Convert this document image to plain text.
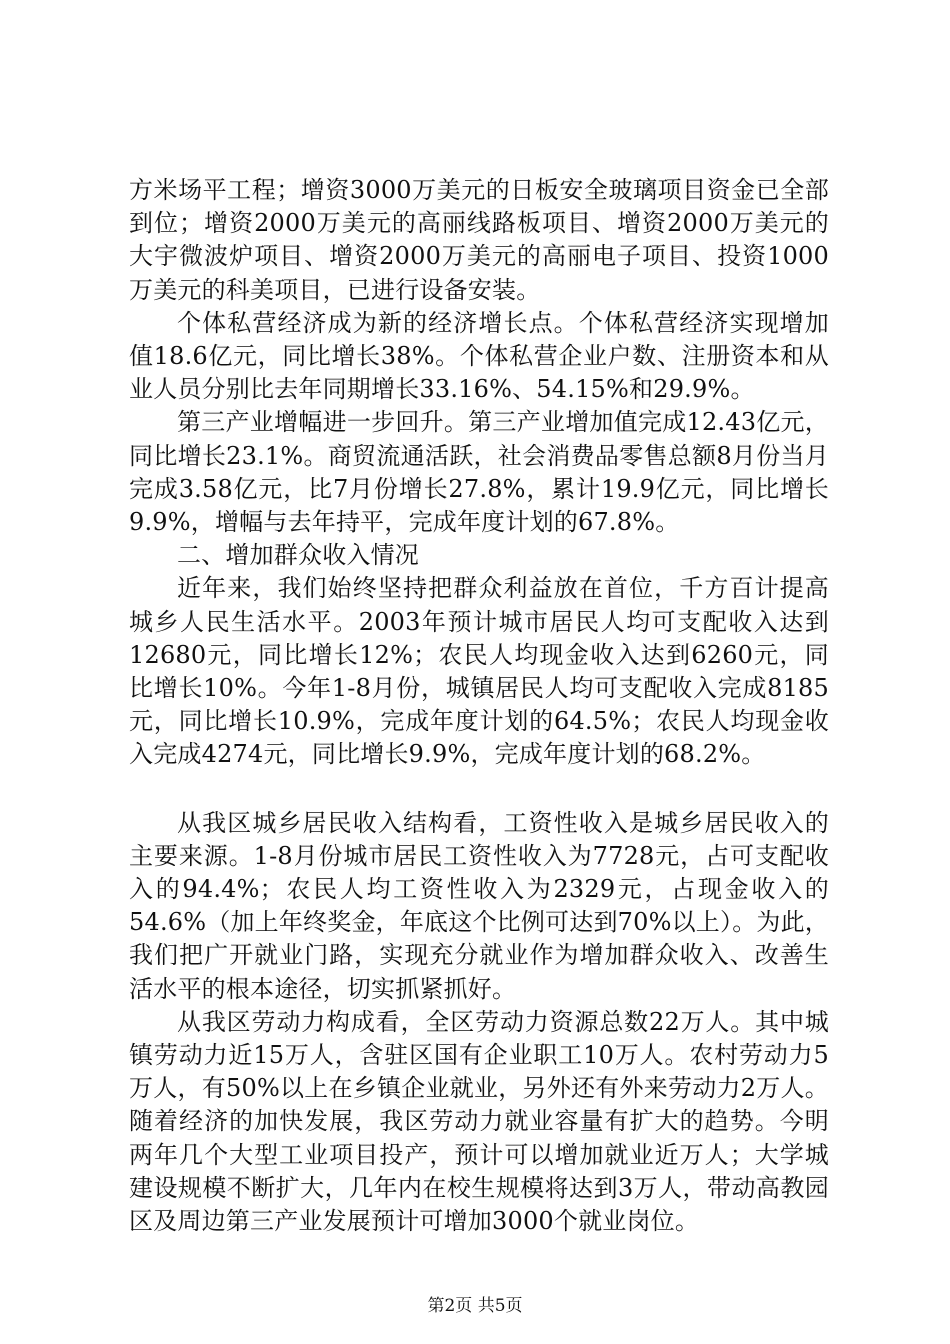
方米场平工程；增资3000万美元的日板安全玻璃项目资金已全部到位；增资2000万美元的高丽线路板项目、增资2000万美元的大宇微波炉项目、增资2000万美元的高丽电子项目、投资1000万美元的科美项目，已进行设备安装。

个体私营经济成为新的经济增长点。个体私营经济实现增加值18.6亿元，同比增长38%。个体私营企业户数、注册资本和从业人员分别比去年同期增长33.16%、54.15%和29.9%。

第三产业增幅进一步回升。第三产业增加值完成12.43亿元，同比增长23.1%。商贸流通活跃，社会消费品零售总额8月份当月完成3.58亿元，比7月份增长27.8%，累计19.9亿元，同比增长9.9%，增幅与去年持平，完成年度计划的67.8%。

二、增加群众收入情况

近年来，我们始终坚持把群众利益放在首位，千方百计提高城乡人民生活水平。2003年预计城市居民人均可支配收入达到12680元，同比增长12%；农民人均现金收入达到6260元，同比增长10%。今年1-8月份，城镇居民人均可支配收入完成8185元，同比增长10.9%，完成年度计划的64.5%；农民人均现金收入完成4274元，同比增长9.9%，完成年度计划的68.2%。

从我区城乡居民收入结构看，工资性收入是城乡居民收入的主要来源。1-8月份城市居民工资性收入为7728元，占可支配收入的94.4%；农民人均工资性收入为2329元，占现金收入的54.6%（加上年终奖金，年底这个比例可达到70%以上）。为此，我们把广开就业门路，实现充分就业作为增加群众收入、改善生活水平的根本途径，切实抓紧抓好。

从我区劳动力构成看，全区劳动力资源总数22万人。其中城镇劳动力近15万人，含驻区国有企业职工10万人。农村劳动力5万人，有50%以上在乡镇企业就业，另外还有外来劳动力2万人。随着经济的加快发展，我区劳动力就业容量有扩大的趋势。今明两年几个大型工业项目投产，预计可以增加就业近万人；大学城建设规模不断扩大，几年内在校生规模将达到3万人，带动高教园区及周边第三产业发展预计可增加3000个就业岗位。

第2页 共5页
